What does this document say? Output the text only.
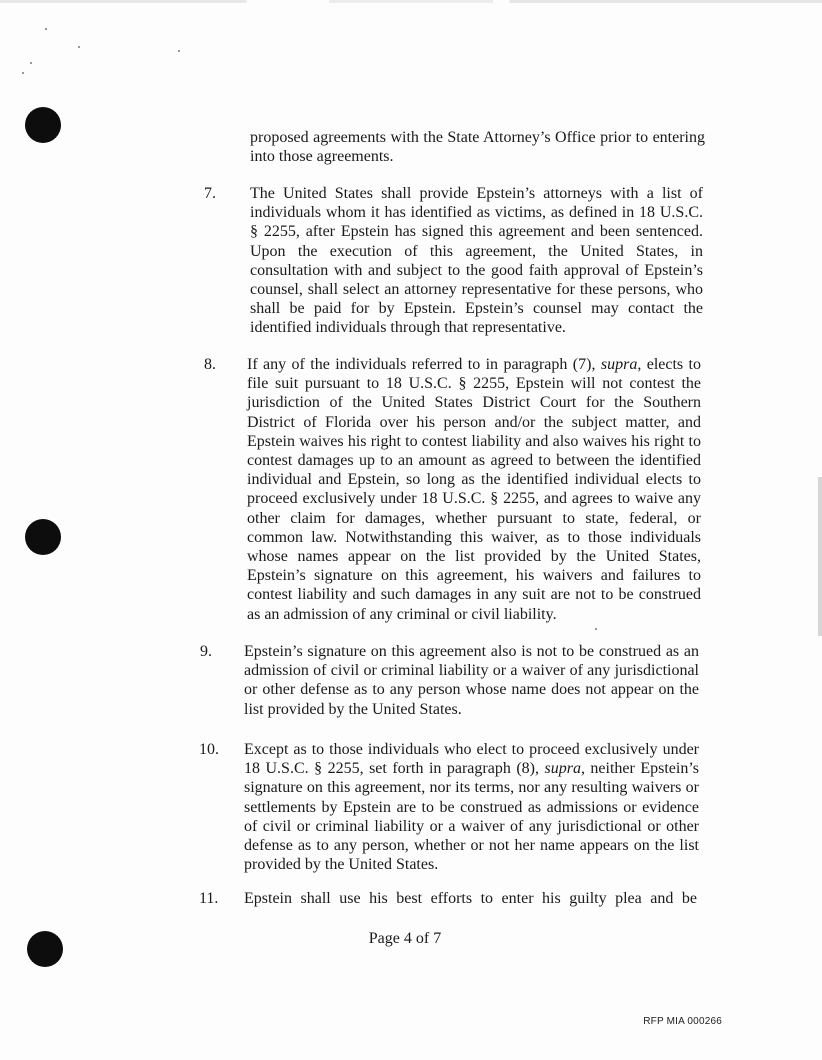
proposed agreements with the State Attorney’s Office prior to entering into those agreements.
7. The United States shall provide Epstein’s attorneys with a list of individuals whom it has identified as victims, as defined in 18 U.S.C. § 2255, after Epstein has signed this agreement and been sentenced. Upon the execution of this agreement, the United States, in consultation with and subject to the good faith approval of Epstein’s counsel, shall select an attorney representative for these persons, who shall be paid for by Epstein. Epstein’s counsel may contact the identified individuals through that representative.
8. If any of the individuals referred to in paragraph (7), supra, elects to file suit pursuant to 18 U.S.C. § 2255, Epstein will not contest the jurisdiction of the United States District Court for the Southern District of Florida over his person and/or the subject matter, and Epstein waives his right to contest liability and also waives his right to contest damages up to an amount as agreed to between the identified individual and Epstein, so long as the identified individual elects to proceed exclusively under 18 U.S.C. § 2255, and agrees to waive any other claim for damages, whether pursuant to state, federal, or common law. Notwithstanding this waiver, as to those individuals whose names appear on the list provided by the United States, Epstein’s signature on this agreement, his waivers and failures to contest liability and such damages in any suit are not to be construed as an admission of any criminal or civil liability.
9. Epstein’s signature on this agreement also is not to be construed as an admission of civil or criminal liability or a waiver of any jurisdictional or other defense as to any person whose name does not appear on the list provided by the United States.
10. Except as to those individuals who elect to proceed exclusively under 18 U.S.C. § 2255, set forth in paragraph (8), supra, neither Epstein’s signature on this agreement, nor its terms, nor any resulting waivers or settlements by Epstein are to be construed as admissions or evidence of civil or criminal liability or a waiver of any jurisdictional or other defense as to any person, whether or not her name appears on the list provided by the United States.
11. Epstein shall use his best efforts to enter his guilty plea and be
Page 4 of 7
RFP MIA 000266
